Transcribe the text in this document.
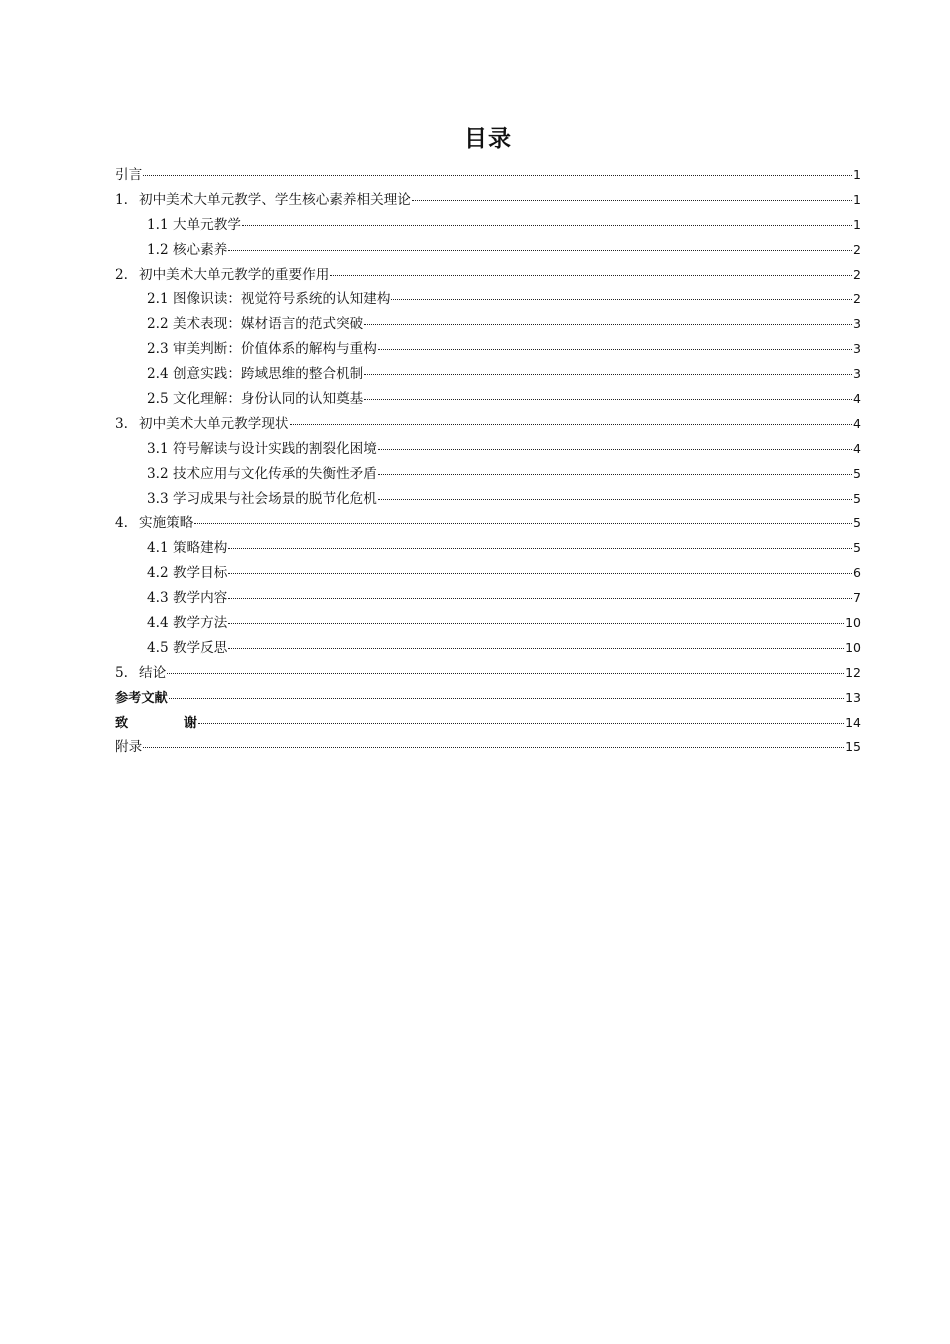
目录
引言	1
1. 初中美术大单元教学、学生核心素养相关理论	1
1.1 大单元教学	1
1.2 核心素养	2
2. 初中美术大单元教学的重要作用	2
2.1 图像识读：视觉符号系统的认知建构	2
2.2 美术表现：媒材语言的范式突破	3
2.3 审美判断：价值体系的解构与重构	3
2.4 创意实践：跨域思维的整合机制	3
2.5 文化理解：身份认同的认知奠基	4
3. 初中美术大单元教学现状	4
3.1 符号解读与设计实践的割裂化困境	4
3.2 技术应用与文化传承的失衡性矛盾	5
3.3 学习成果与社会场景的脱节化危机	5
4. 实施策略	5
4.1 策略建构	5
4.2 教学目标	6
4.3 教学内容	7
4.4 教学方法	10
4.5 教学反思	10
5. 结论	12
参考文献	13
致谢	14
附录	15
